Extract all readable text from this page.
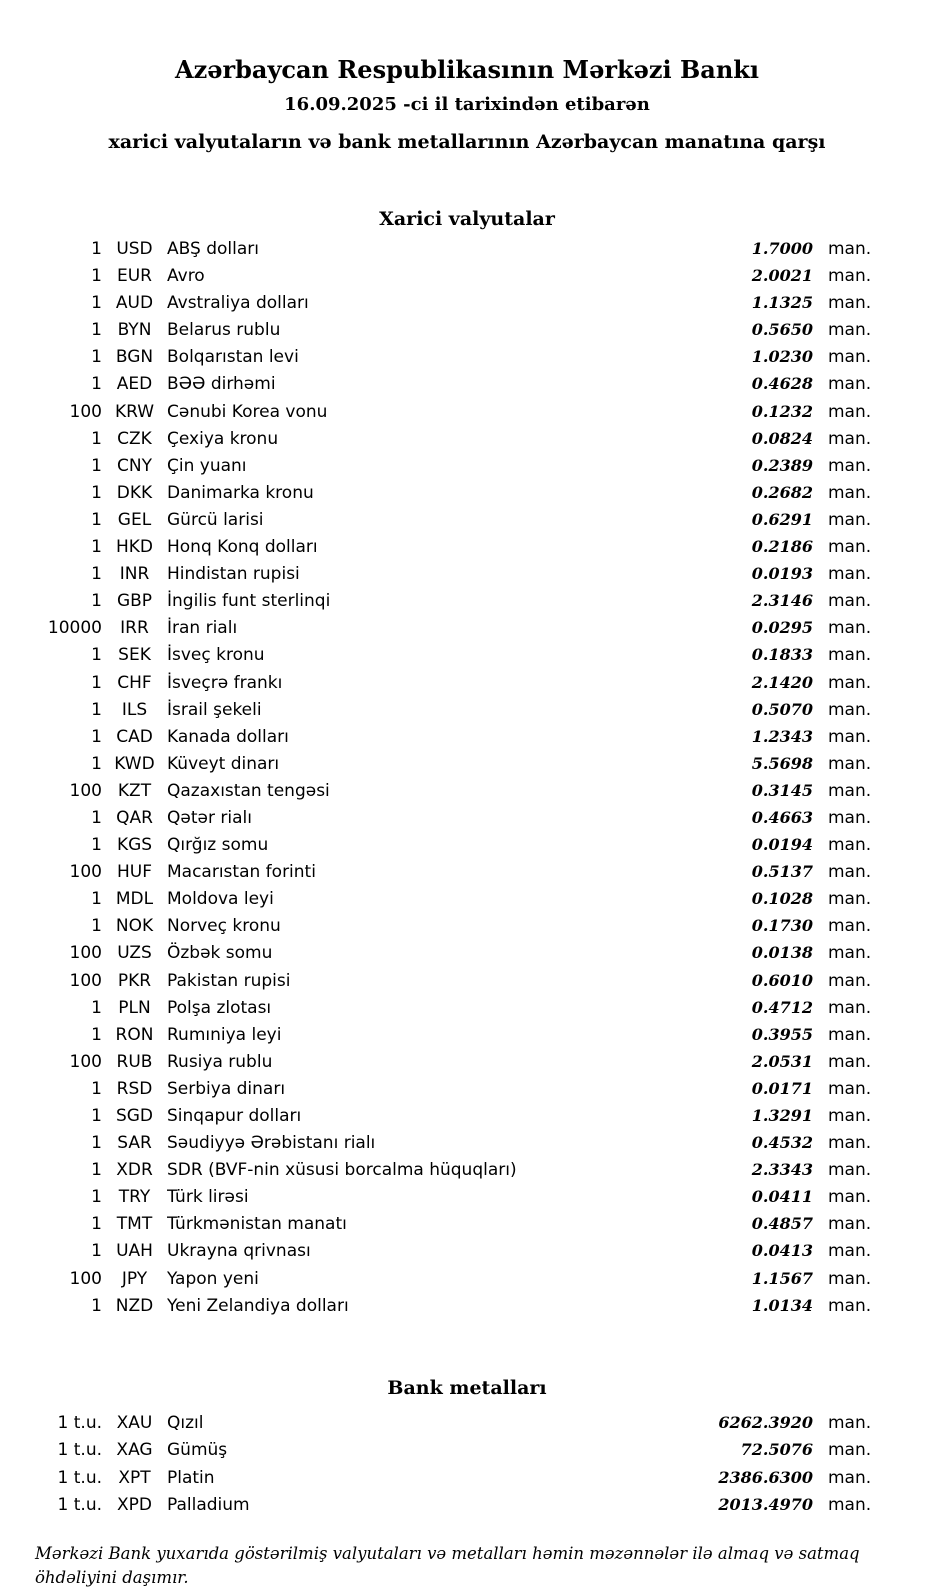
Azərbaycan Respublikasının Mərkəzi Bankı
16.09.2025 -ci il tarixindən etibarən
xarici valyutaların və bank metallarının Azərbaycan manatına qarşı
Xarici valyutalar
1 USD ABŞ dolları	1.7000 man.
1 EUR Avro	2.0021 man.
1 AUD Avstraliya dolları	1.1325 man.
1 BYN Belarus rublu	0.5650 man.
1 BGN Bolqarıstan levi	1.0230 man.
1 AED BƏƏ dirhəmi	0.4628 man.
100 KRW Cənubi Korea vonu	0.1232 man.
1 CZK Çexiya kronu	0.0824 man.
1 CNY Çin yuanı	0.2389 man.
1 DKK Danimarka kronu	0.2682 man.
1 GEL Gürcü larisi	0.6291 man.
1 HKD Honq Konq dolları	0.2186 man.
1	INR	Hindistan rupisi	0.0193 man.
1 GBP İngilis funt sterlinqi	2.3146 man.
10000	IRR	İran rialı	0.0295 man.
1 SEK İsveç kronu	0.1833 man.
1 CHF İsveçrə frankı	2.1420 man.
1	ILS	İsrail şekeli	0.5070 man.
1 CAD Kanada dolları	1.2343 man.
1 KWD Küveyt dinarı	5.5698 man.
100 KZT Qazaxıstan tengəsi	0.3145 man.
1 QAR Qətər rialı	0.4663 man.
1 KGS Qırğız somu	0.0194 man.
100 HUF Macarıstan forinti	0.5137 man.
1 MDL Moldova leyi	0.1028 man.
1 NOK Norveç kronu	0.1730 man.
100 UZS Özbək somu	0.0138 man.
100 PKR Pakistan rupisi	0.6010 man.
1 PLN Polşa zlotası	0.4712 man.
1 RON Rumıniya leyi	0.3955 man.
100 RUB Rusiya rublu	2.0531 man.
1 RSD Serbiya dinarı	0.0171 man.
1 SGD Sinqapur dolları	1.3291 man.
1 SAR Səudiyyə Ərəbistanı rialı	0.4532 man.
1 XDR SDR (BVF-nin xüsusi borcalma hüquqları)	2.3343 man.
1 TRY Türk lirəsi	0.0411 man.
1 TMT Türkmənistan manatı	0.4857 man.
1 UAH Ukrayna qrivnası	0.0413 man.
100	JPY	Yapon yeni	1.1567 man.
1 NZD Yeni Zelandiya dolları	1.0134 man.
Bank metalları
1 t.u. XAU Qızıl	6262.3920 man.
1 t.u. XAG Gümüş	72.5076 man.
1 t.u. XPT Platin	2386.6300 man.
1 t.u. XPD Palladium	2013.4970 man.
Mərkəzi Bank yuxarıda göstərilmiş valyutaları və metalları həmin məzənnələr ilə almaq və satmaq öhdəliyini daşımır.
